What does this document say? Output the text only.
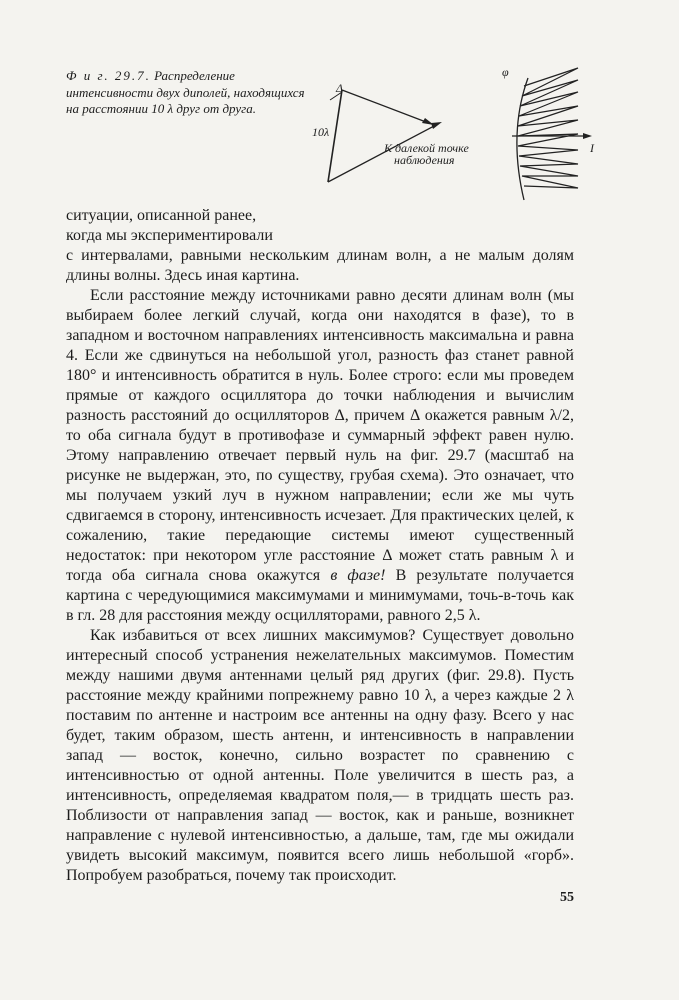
Ф и г. 29.7. Распределение интенсивности двух диполей, находящихся на расстоянии 10 λ друг от друга.
Δ
10λ
К далекой точке
наблюдения
φ
I

ситуации, описанной ранее,

когда мы экспериментировали

с интервалами, равными нескольким длинам волн, а не малым долям длины волны. Здесь иная картина.

Если расстояние между источниками равно десяти длинам волн (мы выбираем более легкий случай, когда они находятся в фазе), то в западном и восточном направлениях интенсивность максимальна и равна 4. Если же сдвинуться на небольшой угол, разность фаз станет равной 180° и интенсивность обратится в нуль. Более строго: если мы проведем прямые от каждого осциллятора до точки наблюдения и вычислим разность расстояний до осцилляторов Δ, причем Δ окажется равным λ/2, то оба сигнала будут в противофазе и суммарный эффект равен нулю. Этому направлению отвечает первый нуль на фиг. 29.7 (масштаб на рисунке не выдержан, это, по существу, грубая схема). Это означает, что мы получаем узкий луч в нужном направлении; если же мы чуть сдвигаемся в сторону, интенсивность исчезает. Для практических целей, к сожалению, такие передающие системы имеют существенный недостаток: при некотором угле расстояние Δ может стать равным λ и тогда оба сигнала снова окажутся в фазе! В результате получается картина с чередующимися максимумами и минимумами, точь-в-точь как в гл. 28 для расстояния между осцилляторами, равного 2,5 λ.

Как избавиться от всех лишних максимумов? Существует довольно интересный способ устранения нежелательных максимумов. Поместим между нашими двумя антеннами целый ряд других (фиг. 29.8). Пусть расстояние между крайними попрежнему равно 10 λ, а через каждые 2 λ поставим по антенне и настроим все антенны на одну фазу. Всего у нас будет, таким образом, шесть антенн, и интенсивность в направлении запад — восток, конечно, сильно возрастет по сравнению с интенсивностью от одной антенны. Поле увеличится в шесть раз, а интенсивность, определяемая квадратом поля,— в тридцать шесть раз. Поблизости от направления запад — восток, как и раньше, возникнет направление с нулевой интенсивностью, а дальше, там, где мы ожидали увидеть высокий максимум, появится всего лишь небольшой «горб». Попробуем разобраться, почему так происходит.

55
